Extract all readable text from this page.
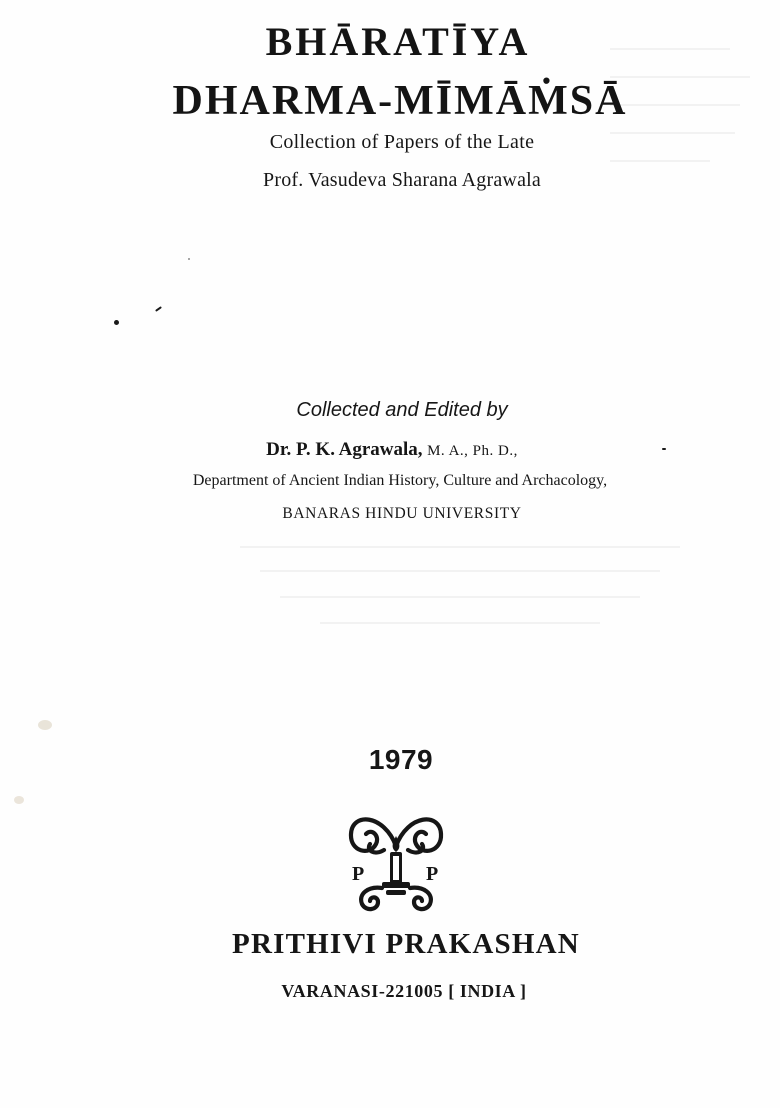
BHĀRATĪYA
DHARMA-MĪMĀṀSĀ
Collection of Papers of the Late
Prof. Vasudeva Sharana Agrawala
Collected and Edited by
Dr. P. K. Agrawala, M. A., Ph. D.,
Department of Ancient Indian History, Culture and Archacology,
BANARAS HINDU UNIVERSITY
1979
P	P
PRITHIVI PRAKASHAN
VARANASI-221005 [ INDIA ]
